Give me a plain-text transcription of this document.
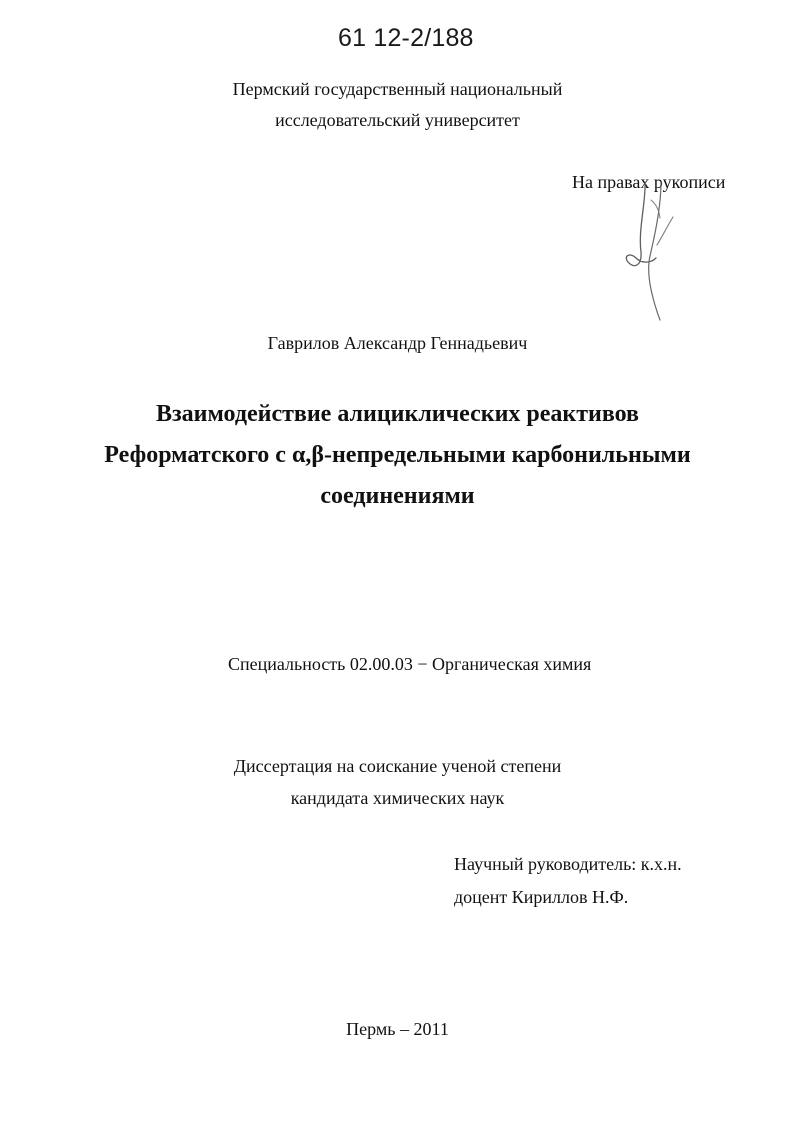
61 12-2/188
Пермский государственный национальный
исследовательский университет
На правах рукописи
Гаврилов Александр Геннадьевич
Взаимодействие алициклических реактивов
Реформатского с α,β-непредельными карбонильными
соединениями
Специальность 02.00.03 − Органическая химия
Диссертация на соискание ученой степени
кандидата химических наук
Научный руководитель: к.х.н.
доцент Кириллов Н.Ф.
Пермь – 2011
